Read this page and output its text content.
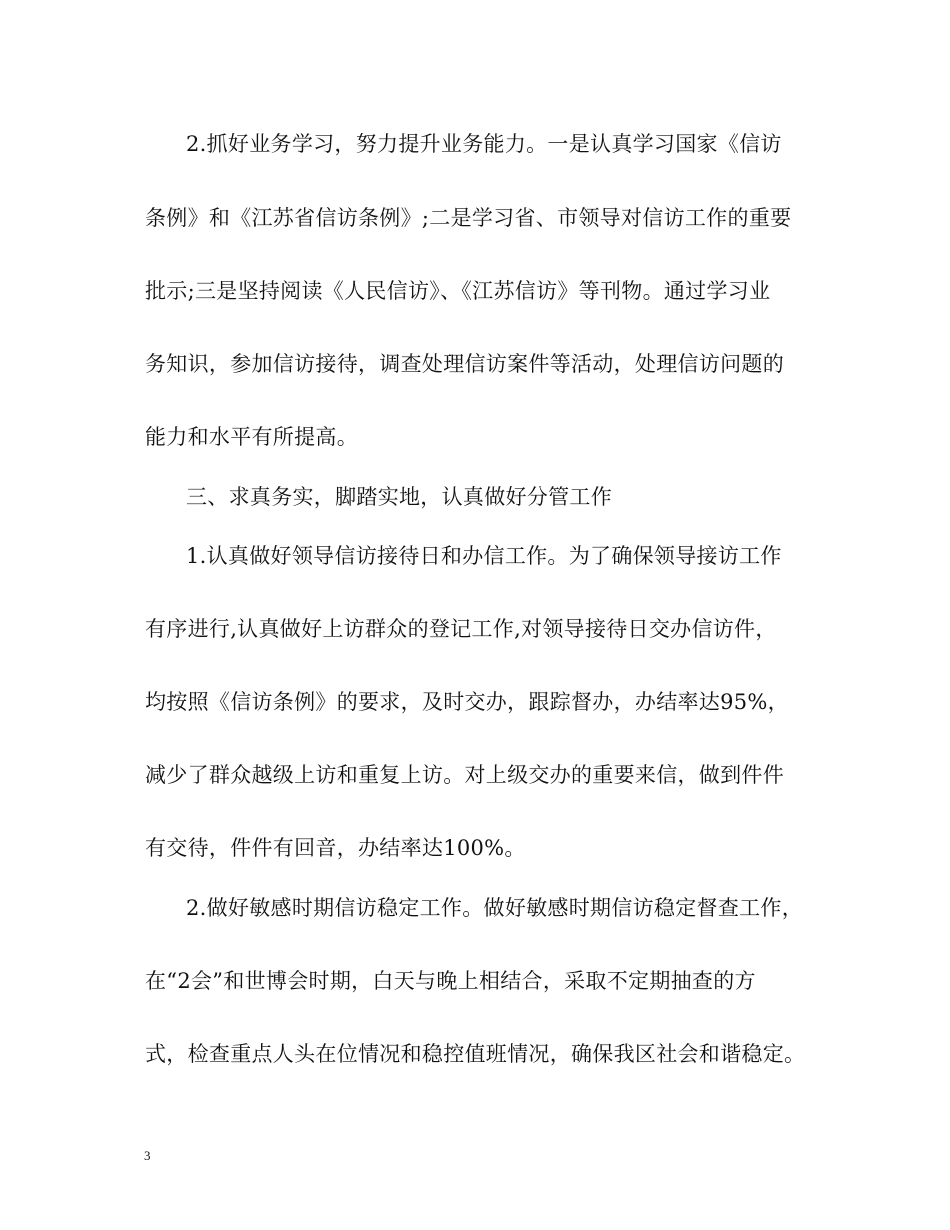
2.抓好业务学习，努力提升业务能力。一是认真学习国家《信访
条例》和《江苏省信访条例》;二是学习省、市领导对信访工作的重要
批示;三是坚持阅读《人民信访》、《江苏信访》等刊物。通过学习业
务知识，参加信访接待，调查处理信访案件等活动，处理信访问题的
能力和水平有所提高。
三、求真务实，脚踏实地，认真做好分管工作
1.认真做好领导信访接待日和办信工作。为了确保领导接访工作
有序进行,认真做好上访群众的登记工作,对领导接待日交办信访件，
均按照《信访条例》的要求，及时交办，跟踪督办，办结率达95%，
减少了群众越级上访和重复上访。对上级交办的重要来信，做到件件
有交待，件件有回音，办结率达100%。
2.做好敏感时期信访稳定工作。做好敏感时期信访稳定督查工作，
在“2会”和世博会时期，白天与晚上相结合，采取不定期抽查的方
式，检查重点人头在位情况和稳控值班情况，确保我区社会和谐稳定。
3
